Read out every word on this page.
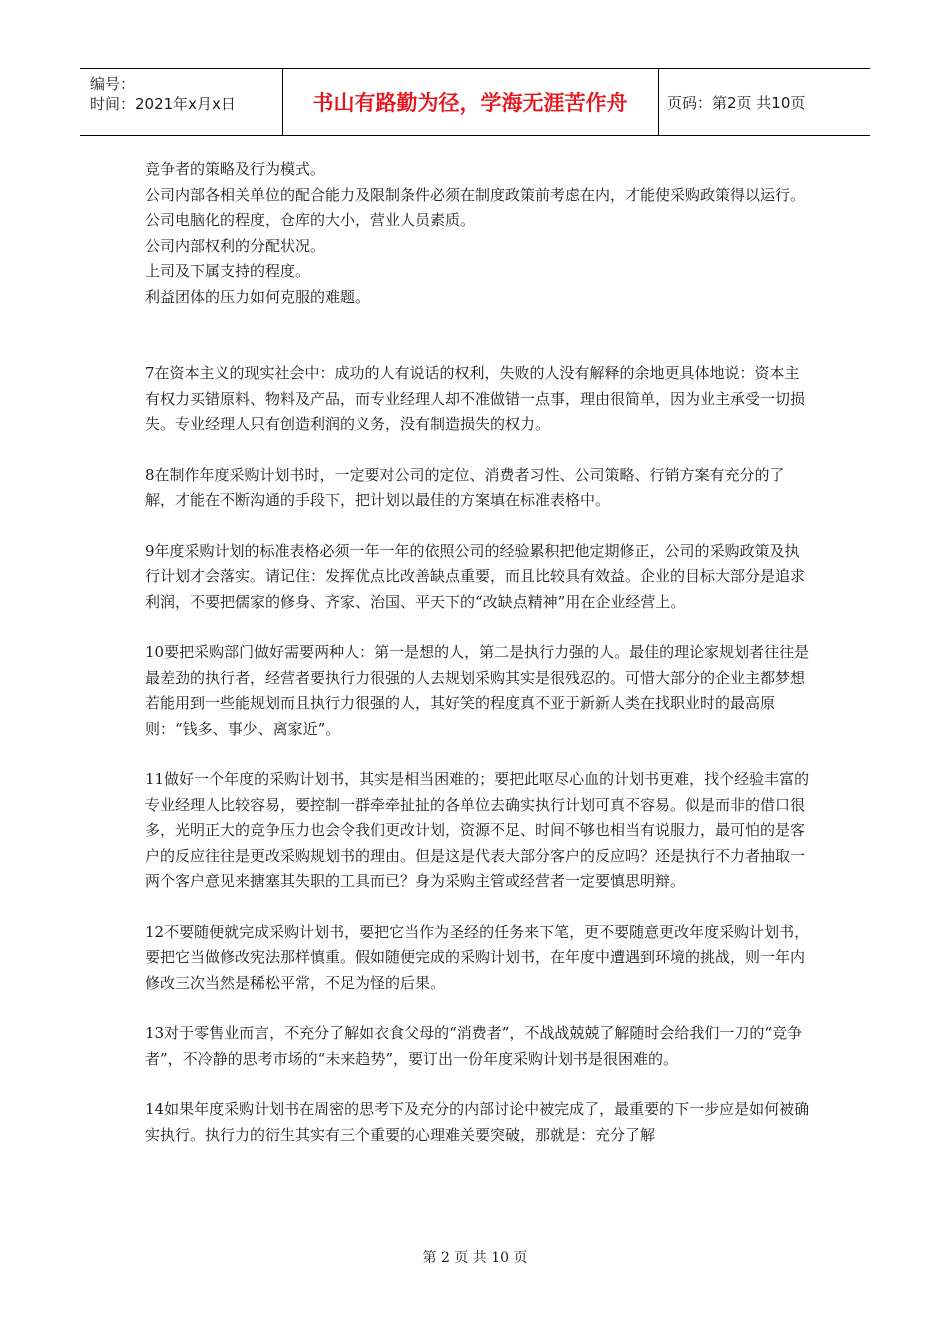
编号：
时间：2021年x月x日	书山有路勤为径，学海无涯苦作舟	页码：第2页 共10页

竞争者的策略及行为模式。

公司内部各相关单位的配合能力及限制条件必须在制度政策前考虑在内，才能使采购政策得以运行。

公司电脑化的程度，仓库的大小，营业人员素质。

公司内部权利的分配状况。

上司及下属支持的程度。

利益团体的压力如何克服的难题。

7在资本主义的现实社会中：成功的人有说话的权利，失败的人没有解释的余地更具体地说：资本主有权力买错原料、物料及产品，而专业经理人却不准做错一点事，理由很简单，因为业主承受一切损失。专业经理人只有创造利润的义务，没有制造损失的权力。

8在制作年度采购计划书时，一定要对公司的定位、消费者习性、公司策略、行销方案有充分的了解，才能在不断沟通的手段下，把计划以最佳的方案填在标准表格中。

9年度采购计划的标准表格必须一年一年的依照公司的经验累积把他定期修正，公司的采购政策及执行计划才会落实。请记住：发挥优点比改善缺点重要，而且比较具有效益。企业的目标大部分是追求利润，不要把儒家的修身、齐家、治国、平天下的“改缺点精神”用在企业经营上。

10要把采购部门做好需要两种人：第一是想的人，第二是执行力强的人。最佳的理论家规划者往往是最差劲的执行者，经营者要执行力很强的人去规划采购其实是很残忍的。可惜大部分的企业主都梦想若能用到一些能规划而且执行力很强的人，其好笑的程度真不亚于新新人类在找职业时的最高原则：“钱多、事少、离家近”。

11做好一个年度的采购计划书，其实是相当困难的；要把此呕尽心血的计划书更难，找个经验丰富的专业经理人比较容易，要控制一群牵牵扯扯的各单位去确实执行计划可真不容易。似是而非的借口很多，光明正大的竞争压力也会令我们更改计划，资源不足、时间不够也相当有说服力，最可怕的是客户的反应往往是更改采购规划书的理由。但是这是代表大部分客户的反应吗？还是执行不力者抽取一两个客户意见来搪塞其失职的工具而已？身为采购主管或经营者一定要慎思明辩。

12不要随便就完成采购计划书，要把它当作为圣经的任务来下笔，更不要随意更改年度采购计划书，要把它当做修改宪法那样慎重。假如随便完成的采购计划书，在年度中遭遇到环境的挑战，则一年内修改三次当然是稀松平常，不足为怪的后果。

13对于零售业而言，不充分了解如衣食父母的“消费者”，不战战兢兢了解随时会给我们一刀的“竞争者”，不冷静的思考市场的“未来趋势”，要订出一份年度采购计划书是很困难的。

14如果年度采购计划书在周密的思考下及充分的内部讨论中被完成了，最重要的下一步应是如何被确实执行。执行力的衍生其实有三个重要的心理难关要突破，那就是：充分了解

第 2 页 共 10 页
